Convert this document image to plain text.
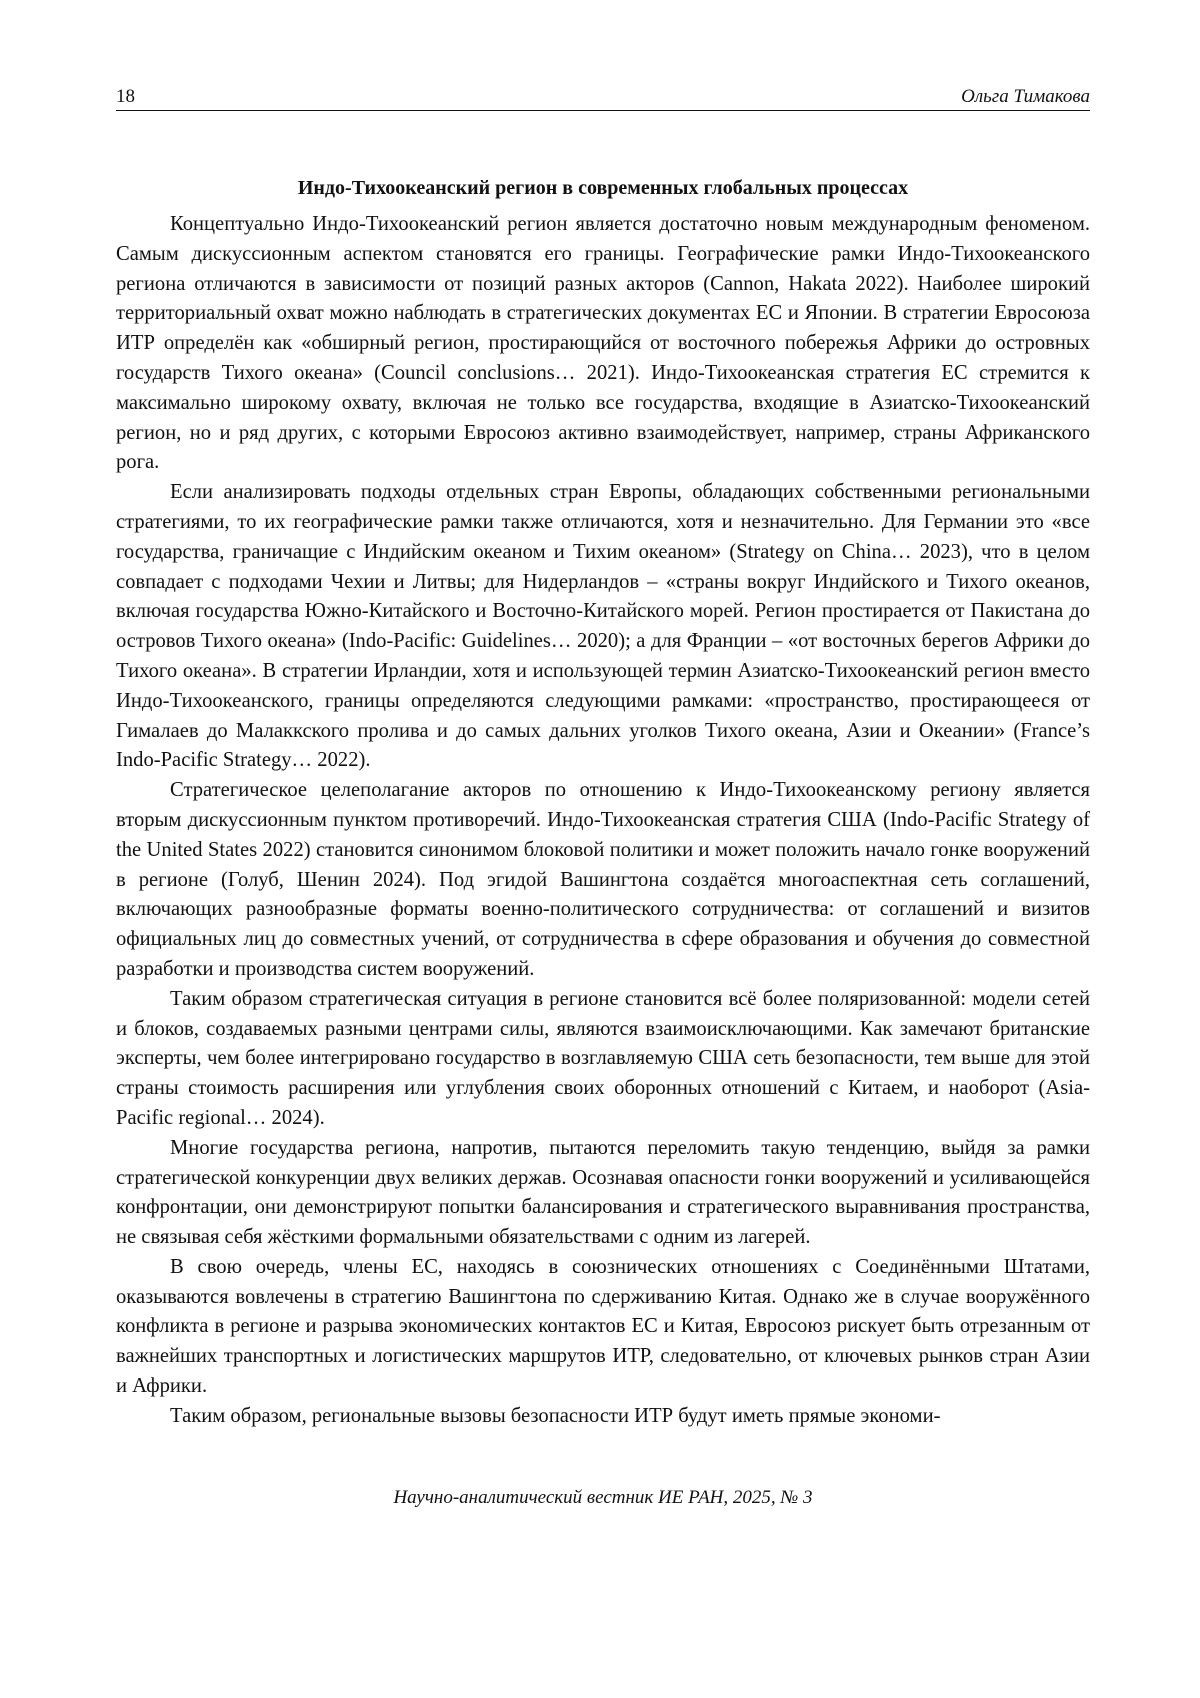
18	Ольга Тимакова
Индо-Тихоокеанский регион в современных глобальных процессах

Концептуально Индо-Тихоокеанский регион является достаточно новым международным феноменом. Самым дискуссионным аспектом становятся его границы. Географические рамки Индо-Тихоокеанского региона отличаются в зависимости от позиций разных акторов (Cannon, Hakata 2022). Наиболее широкий территориальный охват можно наблюдать в стратегических документах ЕС и Японии. В стратегии Евросоюза ИТР определён как «обширный регион, простирающийся от восточного побережья Африки до островных государств Тихого океана» (Council conclusions… 2021). Индо-Тихоокеанская стратегия ЕС стремится к максимально широкому охвату, включая не только все государства, входящие в Азиатско-Тихоокеанский регион, но и ряд других, с которыми Евросоюз активно взаимодействует, например, страны Африканского рога.

Если анализировать подходы отдельных стран Европы, обладающих собственными региональными стратегиями, то их географические рамки также отличаются, хотя и незначительно. Для Германии это «все государства, граничащие с Индийским океаном и Тихим океаном» (Strategy on China… 2023), что в целом совпадает с подходами Чехии и Литвы; для Нидерландов – «страны вокруг Индийского и Тихого океанов, включая государства Южно-Китайского и Восточно-Китайского морей. Регион простирается от Пакистана до островов Тихого океана» (Indo-Pacific: Guidelines… 2020); а для Франции – «от восточных берегов Африки до Тихого океана». В стратегии Ирландии, хотя и использующей термин Азиатско-Тихоокеанский регион вместо Индо-Тихоокеанского, границы определяются следующими рамками: «пространство, простирающееся от Гималаев до Малаккского пролива и до самых дальних уголков Тихого океана, Азии и Океании» (France’s Indo-Pacific Strategy… 2022).

Стратегическое целеполагание акторов по отношению к Индо-Тихоокеанскому региону является вторым дискуссионным пунктом противоречий. Индо-Тихоокеанская стратегия США (Indo-Pacific Strategy of the United States 2022) становится синонимом блоковой политики и может положить начало гонке вооружений в регионе (Голуб, Шенин 2024). Под эгидой Вашингтона создаётся многоаспектная сеть соглашений, включающих разнообразные форматы военно-политического сотрудничества: от соглашений и визитов официальных лиц до совместных учений, от сотрудничества в сфере образования и обучения до совместной разработки и производства систем вооружений.

Таким образом стратегическая ситуация в регионе становится всё более поляризованной: модели сетей и блоков, создаваемых разными центрами силы, являются взаимоисключающими. Как замечают британские эксперты, чем более интегрировано государство в возглавляемую США сеть безопасности, тем выше для этой страны стоимость расширения или углубления своих оборонных отношений с Китаем, и наоборот (Asia-Pacific regional… 2024).

Многие государства региона, напротив, пытаются переломить такую тенденцию, выйдя за рамки стратегической конкуренции двух великих держав. Осознавая опасности гонки вооружений и усиливающейся конфронтации, они демонстрируют попытки балансирования и стратегического выравнивания пространства, не связывая себя жёсткими формальными обязательствами с одним из лагерей.

В свою очередь, члены ЕС, находясь в союзнических отношениях с Соединёнными Штатами, оказываются вовлечены в стратегию Вашингтона по сдерживанию Китая. Однако же в случае вооружённого конфликта в регионе и разрыва экономических контактов ЕС и Китая, Евросоюз рискует быть отрезанным от важнейших транспортных и логистических маршрутов ИТР, следовательно, от ключевых рынков стран Азии и Африки.

Таким образом, региональные вызовы безопасности ИТР будут иметь прямые экономи-

Научно-аналитический вестник ИЕ РАН, 2025, № 3
